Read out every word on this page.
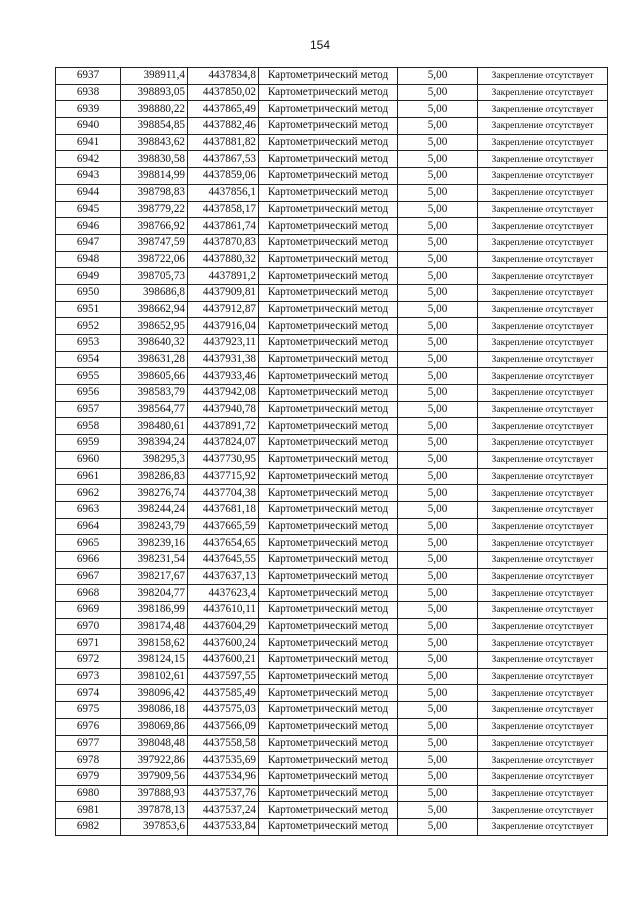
154
6937	398911,4	4437834,8	Картометрический метод	5,00	Закрепление отсутствует
6938	398893,05	4437850,02	Картометрический метод	5,00	Закрепление отсутствует
6939	398880,22	4437865,49	Картометрический метод	5,00	Закрепление отсутствует
6940	398854,85	4437882,46	Картометрический метод	5,00	Закрепление отсутствует
6941	398843,62	4437881,82	Картометрический метод	5,00	Закрепление отсутствует
6942	398830,58	4437867,53	Картометрический метод	5,00	Закрепление отсутствует
6943	398814,99	4437859,06	Картометрический метод	5,00	Закрепление отсутствует
6944	398798,83	4437856,1	Картометрический метод	5,00	Закрепление отсутствует
6945	398779,22	4437858,17	Картометрический метод	5,00	Закрепление отсутствует
6946	398766,92	4437861,74	Картометрический метод	5,00	Закрепление отсутствует
6947	398747,59	4437870,83	Картометрический метод	5,00	Закрепление отсутствует
6948	398722,06	4437880,32	Картометрический метод	5,00	Закрепление отсутствует
6949	398705,73	4437891,2	Картометрический метод	5,00	Закрепление отсутствует
6950	398686,8	4437909,81	Картометрический метод	5,00	Закрепление отсутствует
6951	398662,94	4437912,87	Картометрический метод	5,00	Закрепление отсутствует
6952	398652,95	4437916,04	Картометрический метод	5,00	Закрепление отсутствует
6953	398640,32	4437923,11	Картометрический метод	5,00	Закрепление отсутствует
6954	398631,28	4437931,38	Картометрический метод	5,00	Закрепление отсутствует
6955	398605,66	4437933,46	Картометрический метод	5,00	Закрепление отсутствует
6956	398583,79	4437942,08	Картометрический метод	5,00	Закрепление отсутствует
6957	398564,77	4437940,78	Картометрический метод	5,00	Закрепление отсутствует
6958	398480,61	4437891,72	Картометрический метод	5,00	Закрепление отсутствует
6959	398394,24	4437824,07	Картометрический метод	5,00	Закрепление отсутствует
6960	398295,3	4437730,95	Картометрический метод	5,00	Закрепление отсутствует
6961	398286,83	4437715,92	Картометрический метод	5,00	Закрепление отсутствует
6962	398276,74	4437704,38	Картометрический метод	5,00	Закрепление отсутствует
6963	398244,24	4437681,18	Картометрический метод	5,00	Закрепление отсутствует
6964	398243,79	4437665,59	Картометрический метод	5,00	Закрепление отсутствует
6965	398239,16	4437654,65	Картометрический метод	5,00	Закрепление отсутствует
6966	398231,54	4437645,55	Картометрический метод	5,00	Закрепление отсутствует
6967	398217,67	4437637,13	Картометрический метод	5,00	Закрепление отсутствует
6968	398204,77	4437623,4	Картометрический метод	5,00	Закрепление отсутствует
6969	398186,99	4437610,11	Картометрический метод	5,00	Закрепление отсутствует
6970	398174,48	4437604,29	Картометрический метод	5,00	Закрепление отсутствует
6971	398158,62	4437600,24	Картометрический метод	5,00	Закрепление отсутствует
6972	398124,15	4437600,21	Картометрический метод	5,00	Закрепление отсутствует
6973	398102,61	4437597,55	Картометрический метод	5,00	Закрепление отсутствует
6974	398096,42	4437585,49	Картометрический метод	5,00	Закрепление отсутствует
6975	398086,18	4437575,03	Картометрический метод	5,00	Закрепление отсутствует
6976	398069,86	4437566,09	Картометрический метод	5,00	Закрепление отсутствует
6977	398048,48	4437558,58	Картометрический метод	5,00	Закрепление отсутствует
6978	397922,86	4437535,69	Картометрический метод	5,00	Закрепление отсутствует
6979	397909,56	4437534,96	Картометрический метод	5,00	Закрепление отсутствует
6980	397888,93	4437537,76	Картометрический метод	5,00	Закрепление отсутствует
6981	397878,13	4437537,24	Картометрический метод	5,00	Закрепление отсутствует
6982	397853,6	4437533,84	Картометрический метод	5,00	Закрепление отсутствует
